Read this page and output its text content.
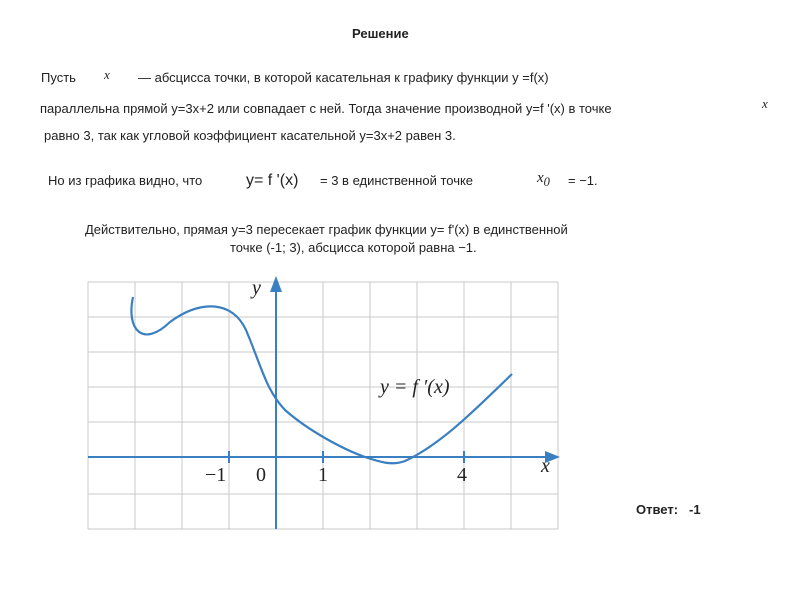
Решение
Пусть x — абсцисса точки, в которой касательная к графику функции y =f(x)
параллельна прямой y=3x+2 или совпадает с ней. Тогда значение производной y=f '(x) в точке	x
равно 3, так как угловой коэффициент касательной y=3x+2 равен 3.
Но из графика видно, что	y= f '(x) = 3 в единственной точке	$x_0 = -1$.
Действительно, прямая y=3 пересекает график функции y= f'(x) в единственной
точке (-1; 3), абсцисса которой равна −1.
y
x
y = f ′(x)
−1 0	1	4
Ответ: -1
